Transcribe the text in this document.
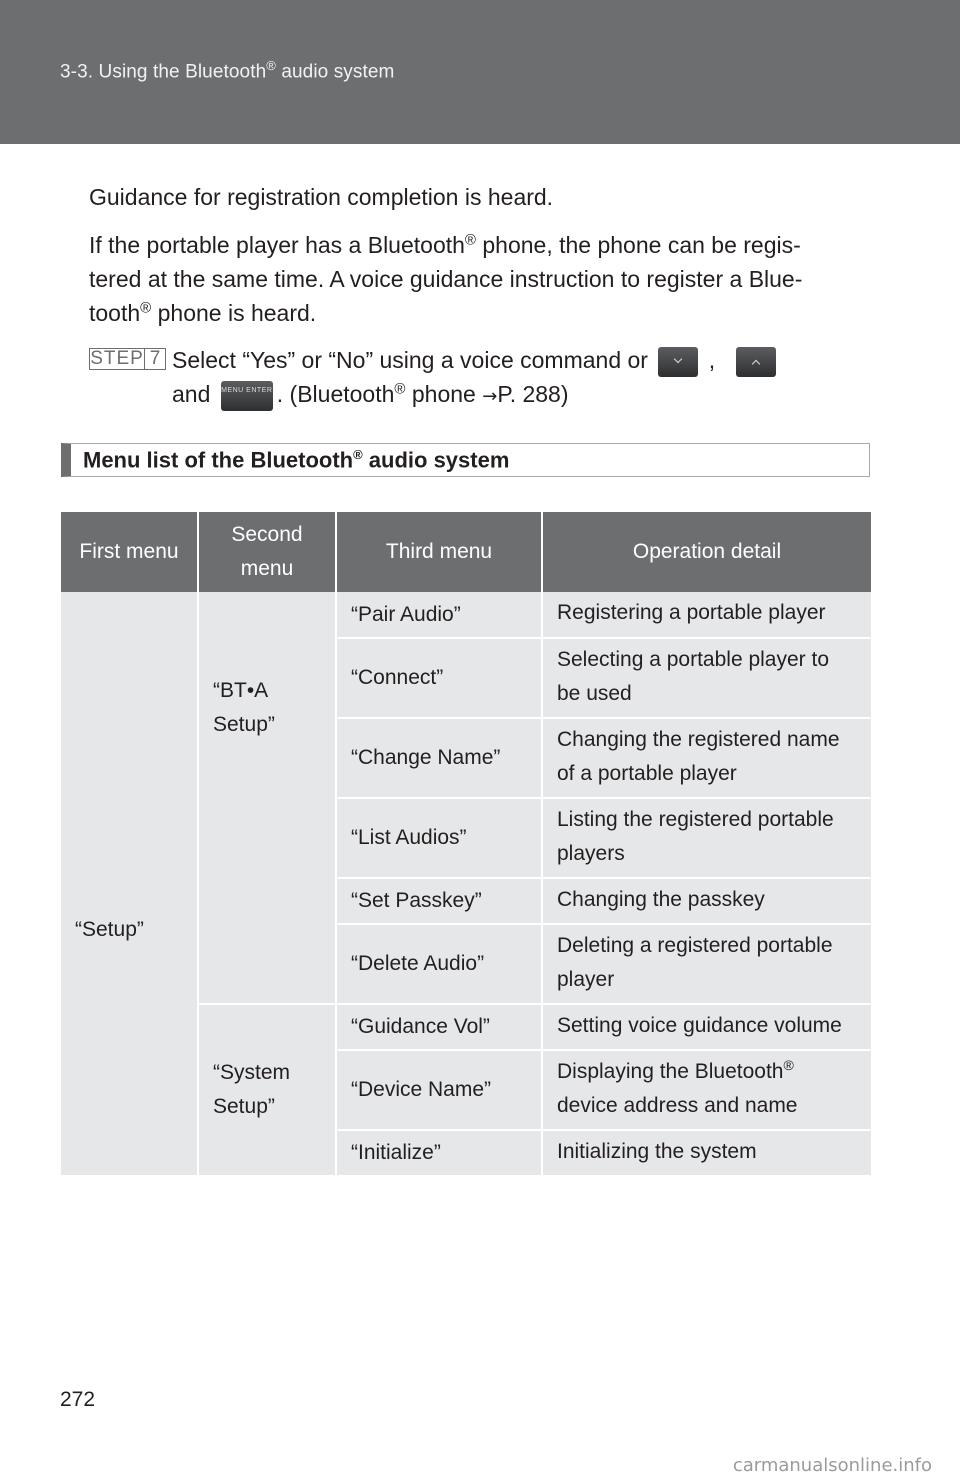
3-3. Using the Bluetooth® audio system
Guidance for registration completion is heard.
If the portable player has a Bluetooth® phone, the phone can be regis-
tered at the same time. A voice guidance instruction to register a Blue-
tooth® phone is heard.
STEP 7 Select “Yes” or “No” using a voice command or	,
and MENU ENTER . (Bluetooth® phone →P. 288)
Menu list of the Bluetooth® audio system
First menu	Second menu	Third menu	Operation detail
“Setup”	“BT•A Setup”	“Pair Audio”	Registering a portable player
		“Connect”	Selecting a portable player to be used
		“Change Name”	Changing the registered name of a portable player
		“List Audios”	Listing the registered portable players
		“Set Passkey”	Changing the passkey
		“Delete Audio”	Deleting a registered portable player
	“System Setup”	“Guidance Vol”	Setting voice guidance volume
		“Device Name”	Displaying the Bluetooth®
device address and name
		“Initialize”	Initializing the system
272
carmanualsonline.info
